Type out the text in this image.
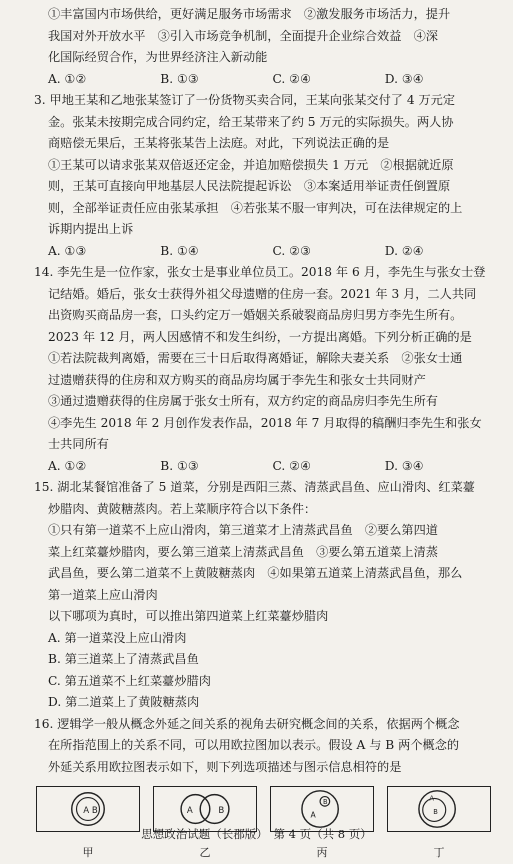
①丰富国内市场供给，更好满足服务市场需求　②激发服务市场活力，提升

我国对外开放水平　③引入市场竞争机制，全面提升企业综合效益　④深

化国际经贸合作，为世界经济注入新动能

A. ①②	B. ①③	C. ②④	D. ③④

3. 甲地王某和乙地张某签订了一份货物买卖合同，王某向张某交付了 4 万元定

金。张某未按期完成合同约定，给王某带来了约 5 万元的实际损失。两人协

商赔偿无果后，王某将张某告上法庭。对此，下列说法正确的是

①王某可以请求张某双倍返还定金，并追加赔偿损失 1 万元　②根据就近原

则，王某可直接向甲地基层人民法院提起诉讼　③本案适用举证责任倒置原

则，全部举证责任应由张某承担　④若张某不服一审判决，可在法律规定的上

诉期内提出上诉

A. ①③	B. ①④	C. ②③	D. ②④

14. 李先生是一位作家，张女士是事业单位员工。2018 年 6 月，李先生与张女士登

记结婚。婚后，张女士获得外祖父母遗赠的住房一套。2021 年 3 月，二人共同

出资购买商品房一套，口头约定万一婚姻关系破裂商品房归男方李先生所有。

2023 年 12 月，两人因感情不和发生纠纷，一方提出离婚。下列分析正确的是

①若法院裁判离婚，需要在三十日后取得离婚证，解除夫妻关系　②张女士通

过遗赠获得的住房和双方购买的商品房均属于李先生和张女士共同财产

③通过遗赠获得的住房属于张女士所有，双方约定的商品房归李先生所有

④李先生 2018 年 2 月创作发表作品，2018 年 7 月取得的稿酬归李先生和张女

士共同所有

A. ①②	B. ①③	C. ②④	D. ③④

15. 湖北某餐馆准备了 5 道菜，分别是西阳三蒸、清蒸武昌鱼、应山滑肉、红菜薹

炒腊肉、黄陂糖蒸肉。若上菜顺序符合以下条件：

①只有第一道菜不上应山滑肉，第三道菜才上清蒸武昌鱼　②要么第四道

菜上红菜薹炒腊肉，要么第三道菜上清蒸武昌鱼　③要么第五道菜上清蒸

武昌鱼，要么第二道菜不上黄陂糖蒸肉　④如果第五道菜上清蒸武昌鱼，那么

第一道菜上应山滑肉

以下哪项为真时，可以推出第四道菜上红菜薹炒腊肉

A. 第一道菜没上应山滑肉

B. 第三道菜上了清蒸武昌鱼

C. 第五道菜不上红菜薹炒腊肉

D. 第二道菜上了黄陂糖蒸肉

16. 逻辑学一般从概念外延之间关系的视角去研究概念间的关系，依据两个概念

在所指范围上的关系不同，可以用欧拉图加以表示。假设 A 与 B 两个概念的

外延关系用欧拉图表示如下，则下列选项描述与图示信息相符的是

A B	A	B
B
A
A
B
甲	乙	丙	丁
思想政治试题（长郡版）　第 4 页（共 8 页）
